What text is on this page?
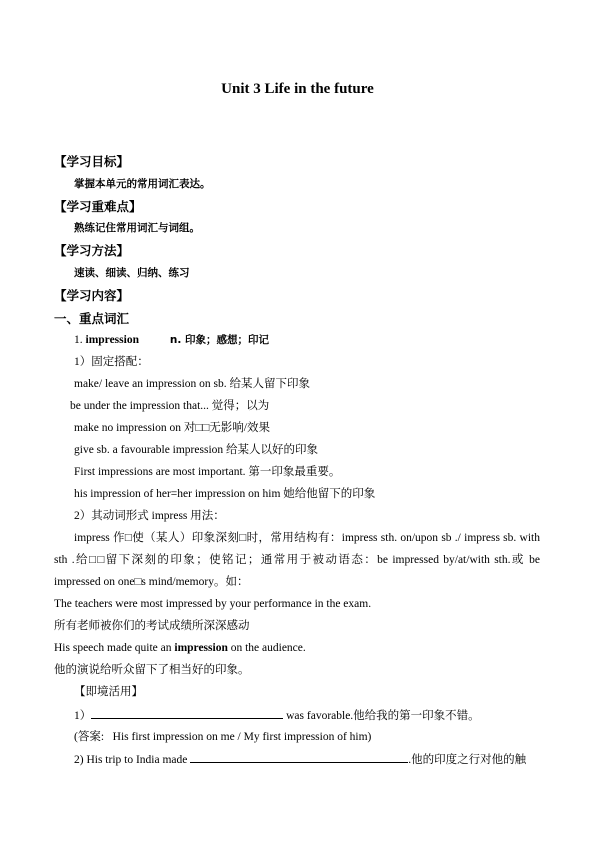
Unit 3 Life in the future
【学习目标】
掌握本单元的常用词汇表达。
【学习重难点】
熟练记住常用词汇与词组。
【学习方法】
速读、细读、归纳、练习
【学习内容】
一、重点词汇
1. impression	n. 印象；感想；印记
1）固定搭配：
make/ leave an impression on sb. 给某人留下印象
be under the impression that... 觉得；以为
make no impression on 对□□无影响/效果
give sb. a favourable impression 给某人以好的印象
First impressions are most important. 第一印象最重要。
his impression of her=her impression on him 她给他留下的印象
2）其动词形式 impress 用法：
impress 作□使（某人）印象深刻□时，常用结构有：impress sth. on/upon sb ./ impress sb. with sth .给□□留下深刻的印象；使铭记；通常用于被动语态：be impressed by/at/with sth.或 be impressed on one□s mind/memory。如：
The teachers were most impressed by your performance in the exam.
所有老师被你们的考试成绩所深深感动
His speech made quite an impression on the audience.
他的演说给听众留下了相当好的印象。
【即境活用】
1）	was favorable.他给我的第一印象不错。
(答案: His first impression on me / My first impression of him)
2) His trip to India made	.他的印度之行对他的触
